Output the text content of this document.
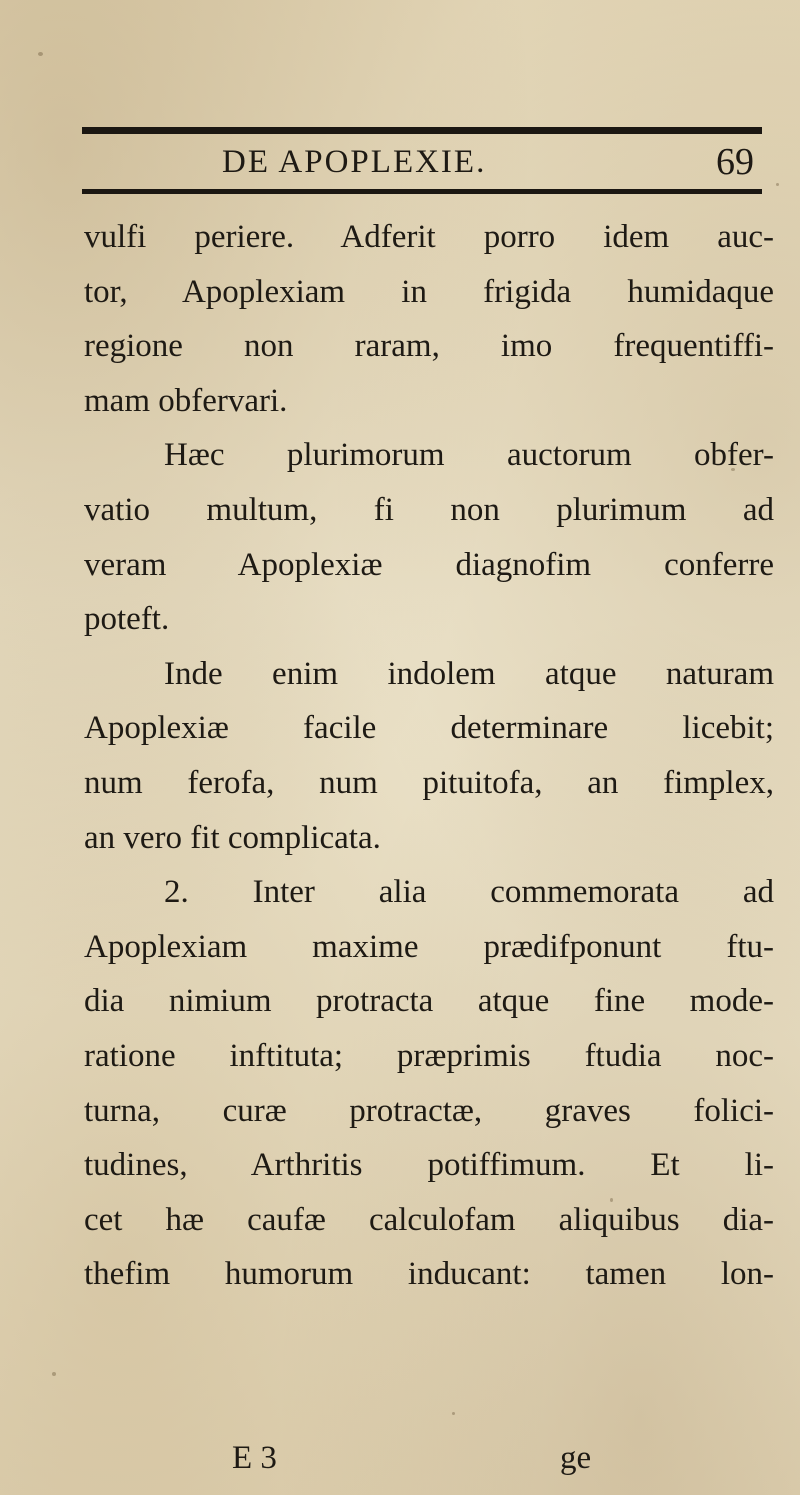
DE APOPLEXIE.	69
vulfi periere. Adferit porro idem auc-
tor, Apoplexiam in frigida humidaque
regione non raram, imo frequentiffi-
mam obfervari.
Hæc plurimorum auctorum obfer-
vatio multum, fi non plurimum ad
veram Apoplexiæ diagnofim conferre
poteft.
Inde enim indolem atque naturam
Apoplexiæ facile determinare licebit;
num ferofa, num pituitofa, an fimplex,
an vero fit complicata.
2. Inter alia commemorata ad
Apoplexiam maxime prædifponunt ftu-
dia nimium protracta atque fine mode-
ratione inftituta; præprimis ftudia noc-
turna, curæ protractæ, graves folici-
tudines, Arthritis potiffimum. Et li-
cet hæ caufæ calculofam aliquibus dia-
thefim humorum inducant: tamen lon-
E 3	ge
